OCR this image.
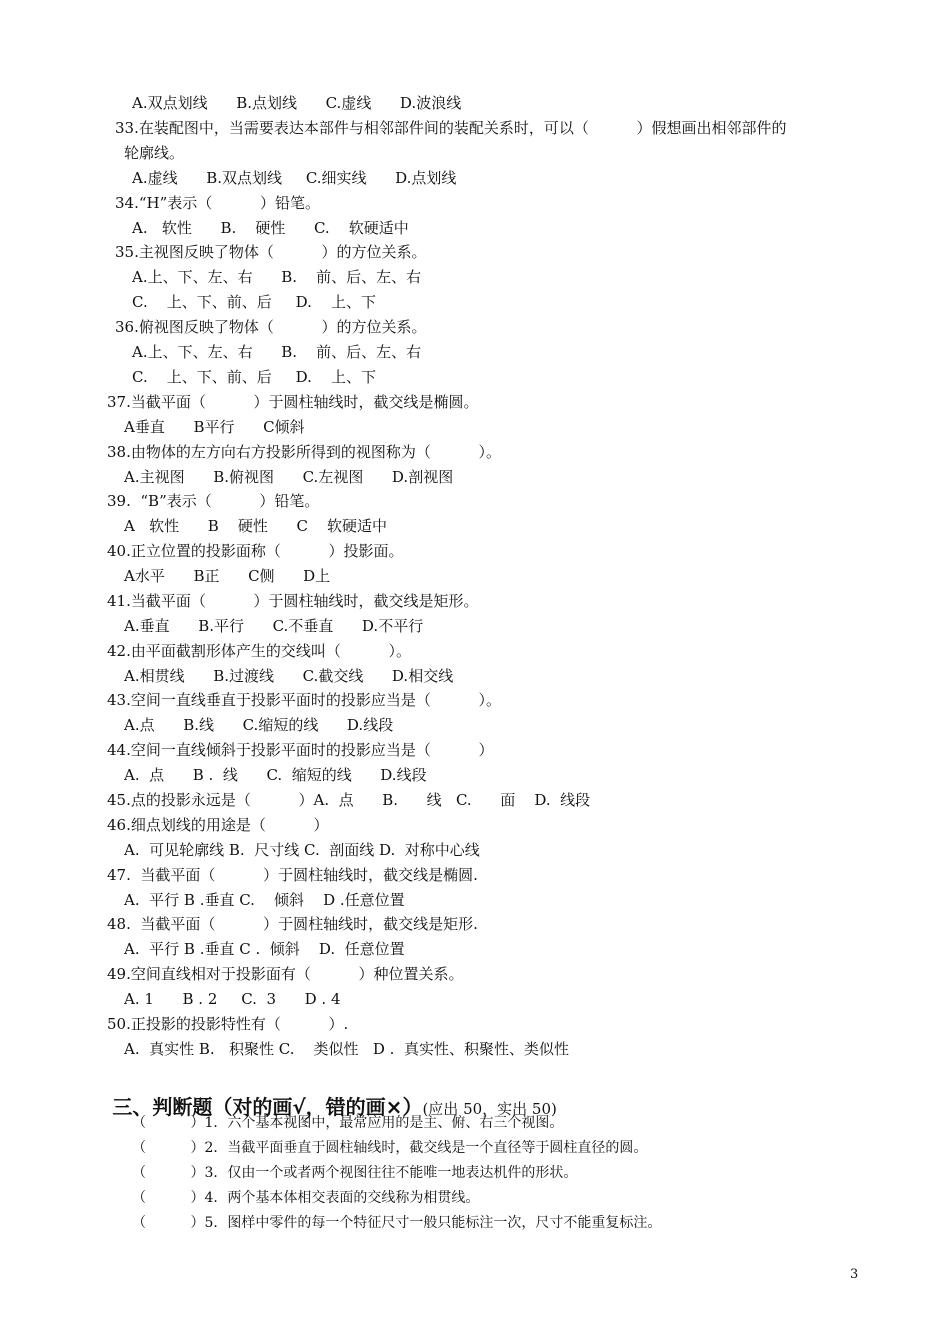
A.双点划线      B.点划线      C.虚线      D.波浪线
33.在装配图中，当需要表达本部件与相邻部件间的装配关系时，可以（          ）假想画出相邻部件的
轮廓线。
A.虚线      B.双点划线     C.细实线      D.点划线
34.“H”表示（          ）铅笔。
A.   软性      B.    硬性      C.    软硬适中
35.主视图反映了物体（          ）的方位关系。
A.上、下、左、右      B.    前、后、左、右
C.    上、下、前、后     D.    上、下
36.俯视图反映了物体（          ）的方位关系。
A.上、下、左、右      B.    前、后、左、右
C.    上、下、前、后     D.    上、下
37.当截平面（          ）于圆柱轴线时，截交线是椭圆。
A垂直      B平行      C倾斜
38.由物体的左方向右方投影所得到的视图称为（          ）。
A.主视图      B.俯视图      C.左视图      D.剖视图
39.  “B”表示（          ）铅笔。
A   软性      B    硬性      C    软硬适中
40.正立位置的投影面称（          ）投影面。
A水平      B正      C侧      D上
41.当截平面（          ）于圆柱轴线时，截交线是矩形。
A.垂直      B.平行      C.不垂直      D.不平行
42.由平面截割形体产生的交线叫（          ）。
A.相贯线      B.过渡线      C.截交线      D.相交线
43.空间一直线垂直于投影平面时的投影应当是（          ）。
A.点      B.线      C.缩短的线      D.线段
44.空间一直线倾斜于投影平面时的投影应当是（          ）
A.  点      B .  线      C.  缩短的线      D.线段
45.点的投影永远是（          ）A.  点      B.      线   C.      面    D.  线段
46.细点划线的用途是（          ）
A.  可见轮廓线 B.  尺寸线 C.  剖面线 D.  对称中心线
47.  当截平面（          ）于圆柱轴线时，截交线是椭圆.
A.  平行 B .垂直 C.    倾斜    D .任意位置
48.  当截平面（          ）于圆柱轴线时，截交线是矩形.
A.  平行 B .垂直 C .  倾斜    D.  任意位置
49.空间直线相对于投影面有（          ）种位置关系。
A. 1      B . 2     C.  3      D . 4
50.正投影的投影特性有（          ）.
A.  真实性 B.   积聚性 C.    类似性   D .  真实性、积聚性、类似性

三、判断题（对的画√，错的画×）(应出 50，实出 50)

（          ）1．六个基本视图中，最常应用的是主、俯、右三个视图。
（          ）2．当截平面垂直于圆柱轴线时，截交线是一个直径等于圆柱直径的圆。
（          ）3．仅由一个或者两个视图往往不能唯一地表达机件的形状。
（          ）4．两个基本体相交表面的交线称为相贯线。
（          ）5．图样中零件的每一个特征尺寸一般只能标注一次，尺寸不能重复标注。
3
